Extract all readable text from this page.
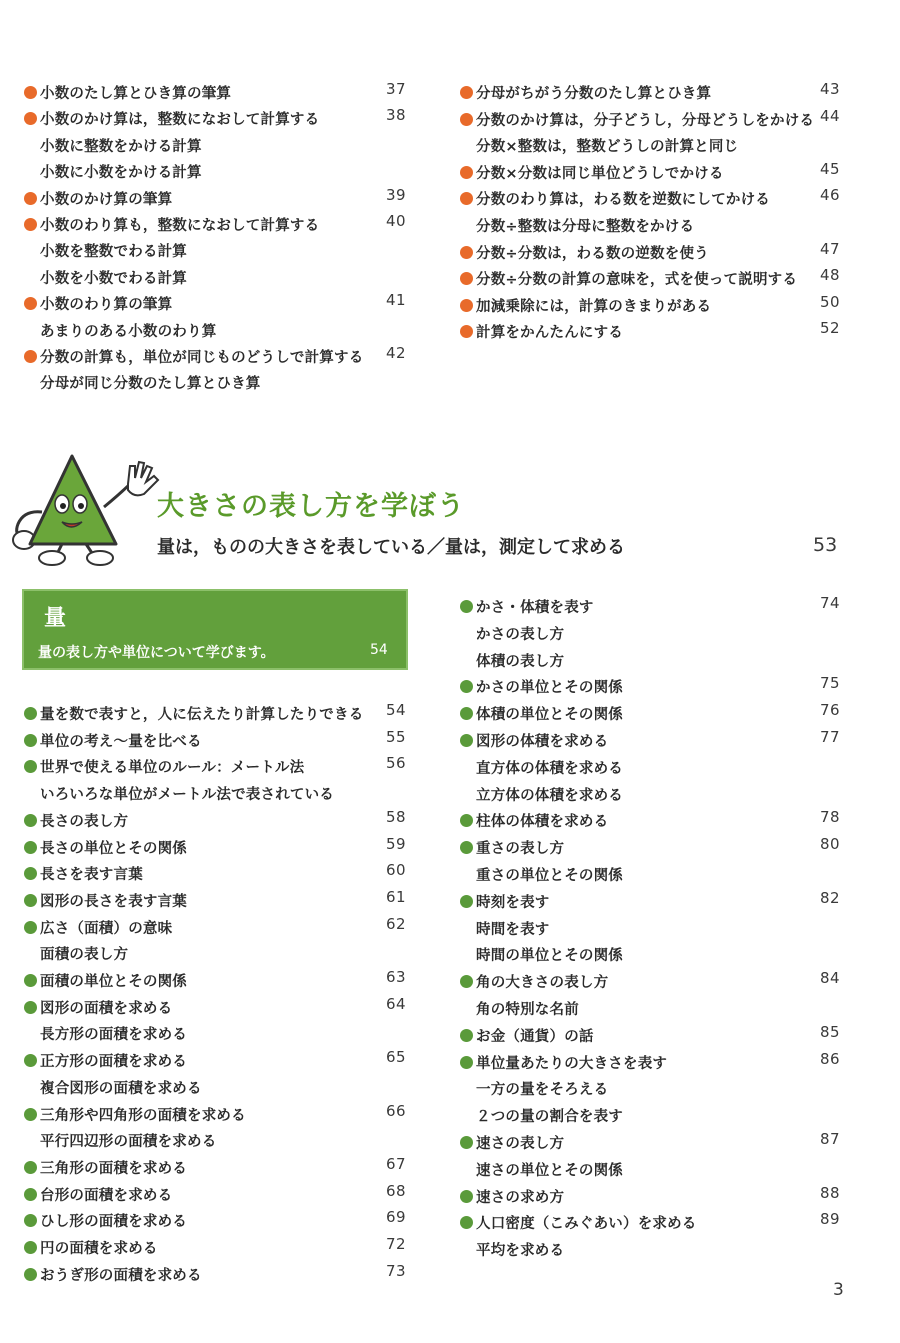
小数のたし算とひき算の筆算	37
小数のかけ算は，整数になおして計算する	38
小数に整数をかける計算
小数に小数をかける計算
小数のかけ算の筆算	39
小数のわり算も，整数になおして計算する	40
小数を整数でわる計算
小数を小数でわる計算
小数のわり算の筆算	41
あまりのある小数のわり算
分数の計算も，単位が同じものどうしで計算する 42
分母が同じ分数のたし算とひき算
分母がちがう分数のたし算とひき算	43
分数のかけ算は，分子どうし，分母どうしをかける 44
分数×整数は，整数どうしの計算と同じ
分数×分数は同じ単位どうしでかける	45
分数のわり算は，わる数を逆数にしてかける	46
分数÷整数は分母に整数をかける
分数÷分数は，わる数の逆数を使う	47
分数÷分数の計算の意味を，式を使って説明する 48
加減乗除には，計算のきまりがある	50
計算をかんたんにする	52
大きさの表し方を学ぼう
量は，ものの大きさを表している／量は，測定して求める	53
量
量の表し方や単位について学びます。	54
量を数で表すと，人に伝えたり計算したりできる 54
単位の考え～量を比べる	55
世界で使える単位のルール：メートル法	56
いろいろな単位がメートル法で表されている
長さの表し方	58
長さの単位とその関係	59
長さを表す言葉	60
図形の長さを表す言葉	61
広さ（面積）の意味	62
面積の表し方
面積の単位とその関係	63
図形の面積を求める	64
長方形の面積を求める
正方形の面積を求める	65
複合図形の面積を求める
三角形や四角形の面積を求める	66
平行四辺形の面積を求める
三角形の面積を求める	67
台形の面積を求める	68
ひし形の面積を求める	69
円の面積を求める	72
おうぎ形の面積を求める	73
かさ・体積を表す	74
かさの表し方
体積の表し方
かさの単位とその関係	75
体積の単位とその関係	76
図形の体積を求める	77
直方体の体積を求める
立方体の体積を求める
柱体の体積を求める	78
重さの表し方	80
重さの単位とその関係
時刻を表す	82
時間を表す
時間の単位とその関係
角の大きさの表し方	84
角の特別な名前
お金（通貨）の話	85
単位量あたりの大きさを表す	86
一方の量をそろえる
２つの量の割合を表す
速さの表し方	87
速さの単位とその関係
速さの求め方	88
人口密度（こみぐあい）を求める	89
平均を求める
3
